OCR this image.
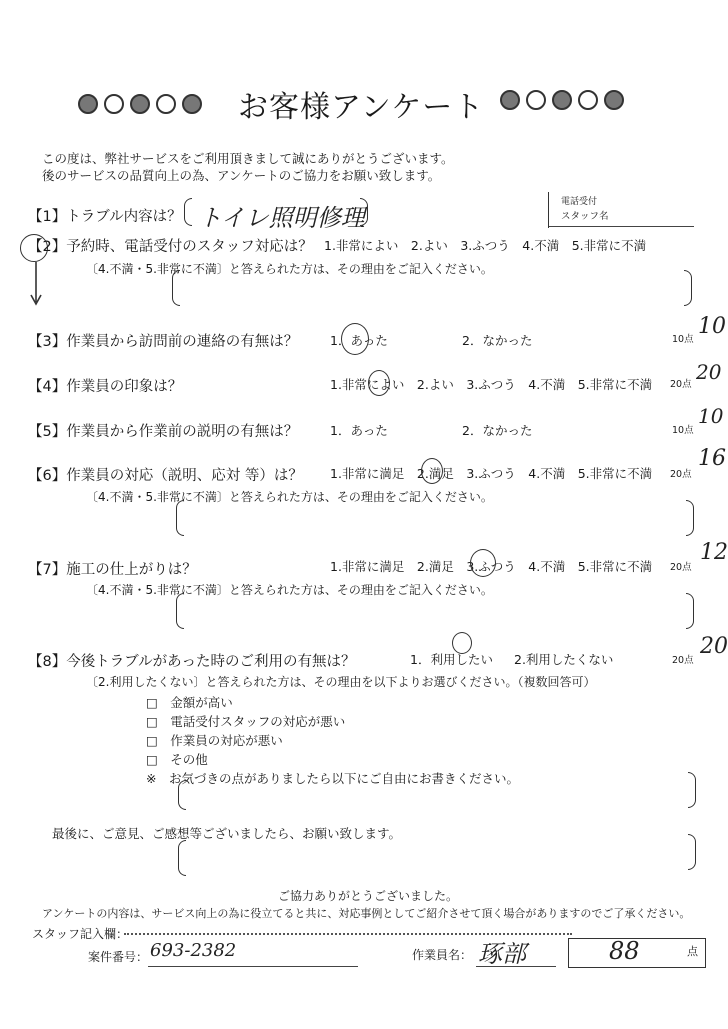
お客様アンケート
この度は、弊社サービスをご利用頂きまして誠にありがとうございます。
後のサービスの品質向上の為、アンケートのご協力をお願い致します。
【1】トラブル内容は？ トイレ照明修理
電話受付
スタッフ名
【2】予約時、電話受付のスタッフ対応は？ 1.非常によい　2.よい　3.ふつう　4.不満　5.非常に不満
〔4.不満・5.非常に不満〕と答えられた方は、その理由をご記入ください。
【3】作業員から訪問前の連絡の有無は？	1．あった	2．なかった	10点
10
【4】作業員の印象は？	1.非常によい　2.よい　3.ふつう　4.不満　5.非常に不満 20点
20
【5】作業員から作業前の説明の有無は？	1．あった	2．なかった	10点
10
【6】作業員の対応（説明、応対 等）は？ 1.非常に満足　2.満足　3.ふつう　4.不満　5.非常に不満 20点
16
〔4.不満・5.非常に不満〕と答えられた方は、その理由をご記入ください。
【7】施工の仕上がりは？	1.非常に満足　2.満足　3.ふつう　4.不満　5.非常に不満 20点
12
〔4.不満・5.非常に不満〕と答えられた方は、その理由をご記入ください。
【8】今後トラブルがあった時のご利用の有無は？	1．利用したい 2.利用したくない	20点
20
〔2.利用したくない〕と答えられた方は、その理由を以下よりお選びください。（複数回答可）
□　金額が高い
□　電話受付スタッフの対応が悪い
□　作業員の対応が悪い
□　その他
※　お気づきの点がありましたら以下にご自由にお書きください。
最後に、ご意見、ご感想等ございましたら、お願い致します。
ご協力ありがとうございました。
アンケートの内容は、サービス向上の為に役立てると共に、対応事例としてご紹介させて頂く場合がありますのでご了承ください。
スタッフ記入欄：
案件番号： 693-2382	作業員名： 琢部	88	点
